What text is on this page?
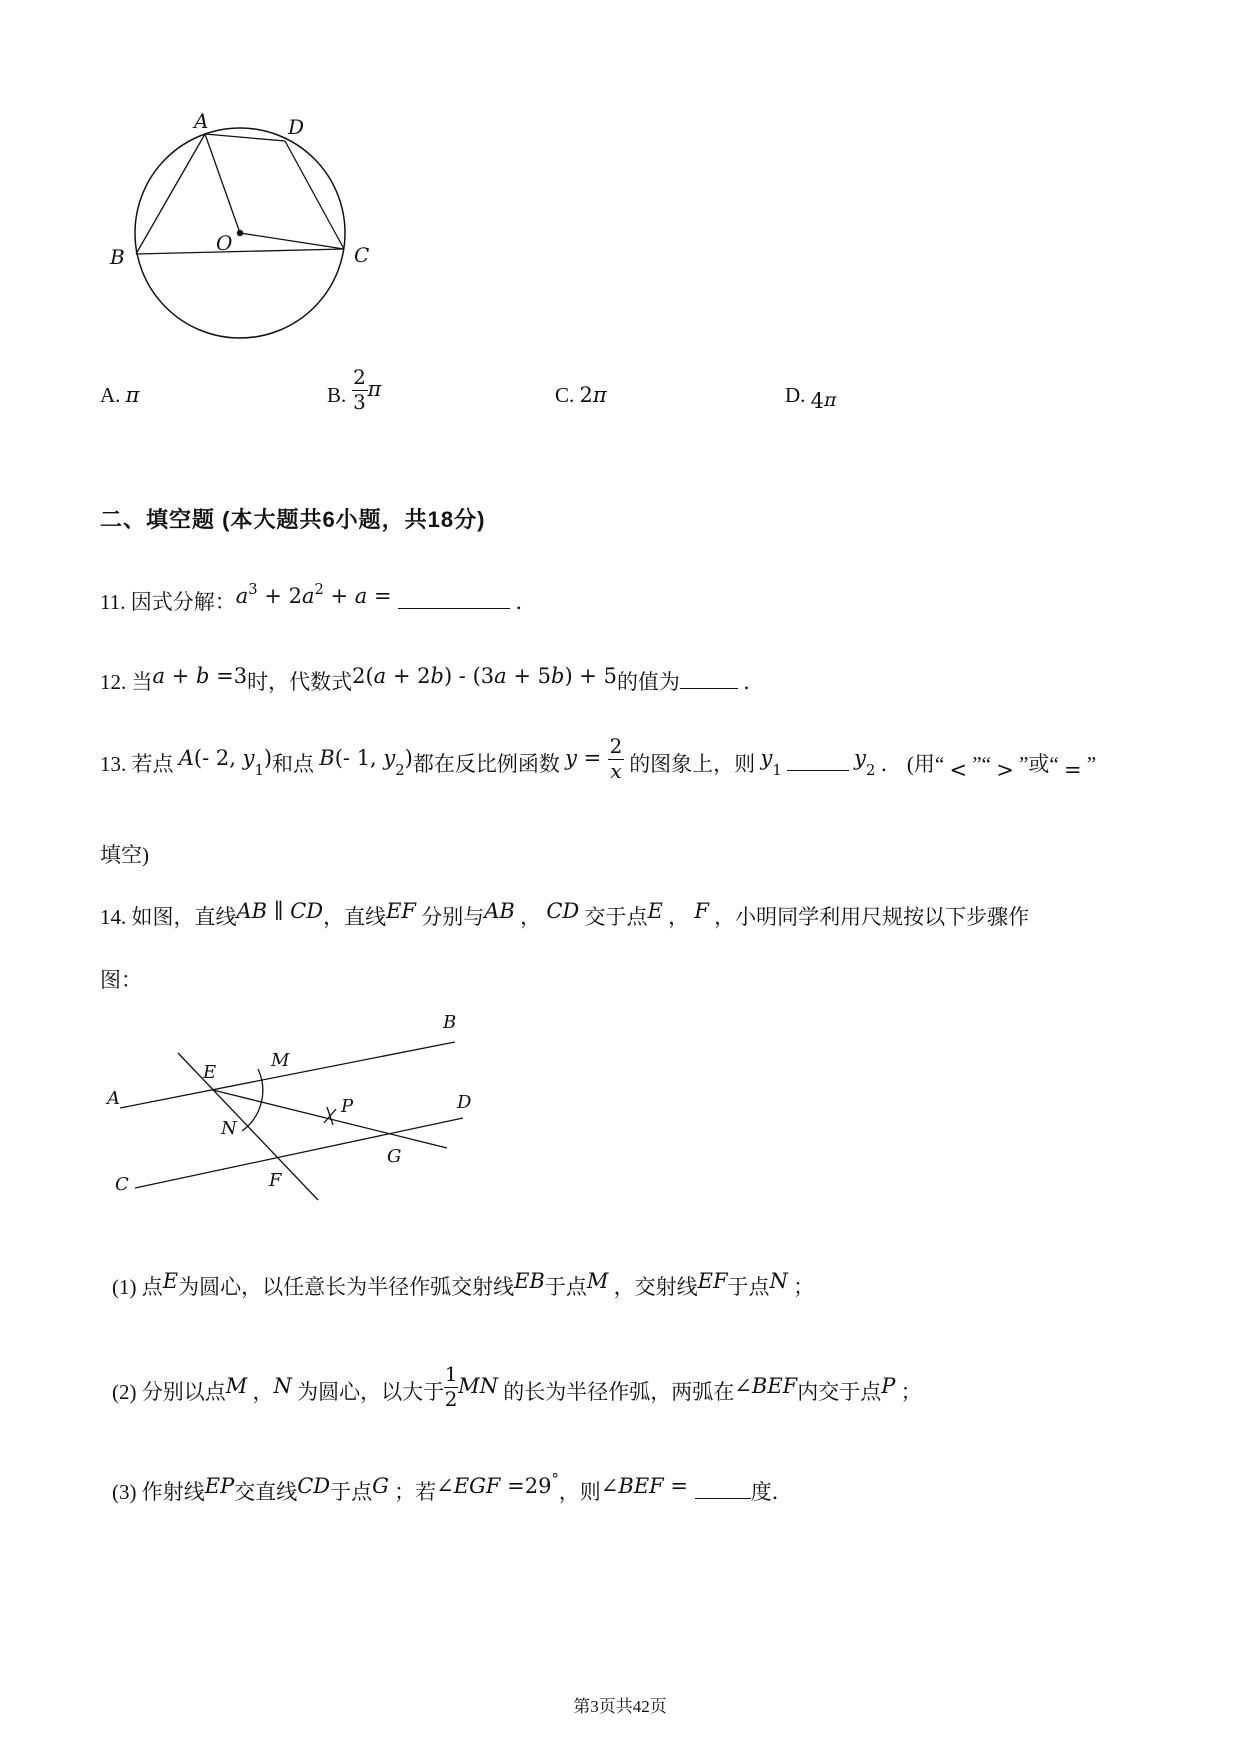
A	D
B	C
O
A. π	B. $\frac{2}{3}$ π	C. 2π	D. 4π
二、填空题 (本大题共6小题，共18分)
11. 因式分解：$a^3 + 2a^2 + a$ =	．
12. 当a + b =3时，代数式2(a + 2b) - (3a + 5b) + 5的值为	．
13. 若点 A(- 2, y1)和点 B(- 1, y2)都在反比例函数 $y = \frac{2}{x}$ 的图象上，则 y1  y2 ． (用“ < ”“ > ”或“ = ”
填空)
14. 如图，直线AB ∥ CD，直线EF 分别与AB ， CD 交于点E ， F ，小明同学利用尺规按以下步骤作
图：
A
B
C
D
E
F
G
M
N
P
(1) 点E为圆心，以任意长为半径作弧交射线EB于点M ，交射线EF于点N ；
(2) 分别以点M ，N 为圆心，以大于 $\frac{1}{2}$ MN 的长为半径作弧，两弧在∠BEF内交于点P ；
(3) 作射线EP交直线CD于点G ；若∠EGF =29°，则∠BEF =	度．
第3页共42页
